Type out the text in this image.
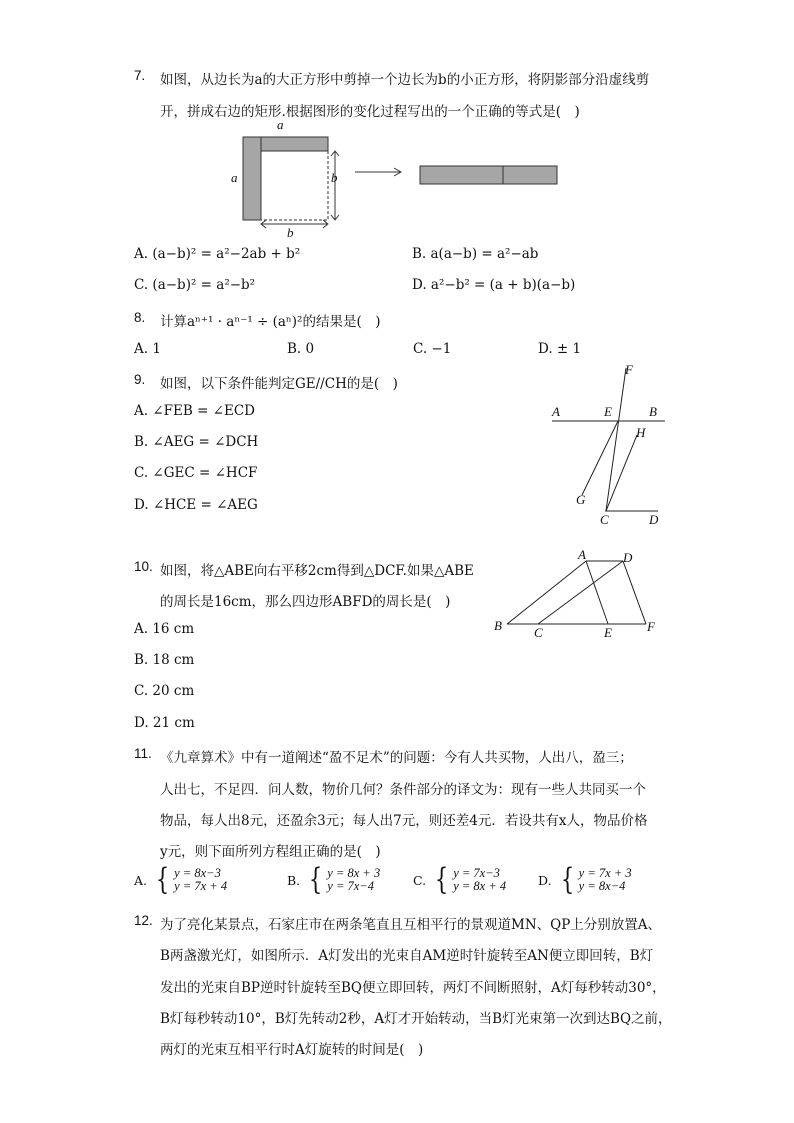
7. 如图，从边长为a的大正方形中剪掉一个边长为b的小正方形，将阴影部分沿虚线剪
开，拼成右边的矩形.根据图形的变化过程写出的一个正确的等式是(　)
a
a	b
b
A. (a−b)² = a²−2ab + b²	B. a(a−b) = a²−ab
C. (a−b)² = a²−b²	D. a²−b² = (a + b)(a−b)
8. 计算aⁿ⁺¹ · aⁿ⁻¹ ÷ (aⁿ)²的结果是(　)
A. 1	B. 0	C. −1	D. ± 1
9. 如图，以下条件能判定GE//CH的是(　)
A. ∠FEB = ∠ECD
B. ∠AEG = ∠DCH
C. ∠GEC = ∠HCF
D. ∠HCE = ∠AEG
F
A	E	B
H
G
C	D
10. 如图，将△ABE向右平移2cm得到△DCF.如果△ABE
的周长是16cm，那么四边形ABFD的周长是(　)
A. 16 cm
B. 18 cm
C. 20 cm
D. 21 cm
A	D
B C	E	F
11. 《九章算术》中有一道阐述“盈不足术”的问题：今有人共买物，人出八，盈三；
人出七，不足四．问人数，物价几何？条件部分的译文为：现有一些人共同买一个
物品，每人出8元，还盈余3元；每人出7元，则还差4元．若设共有x人，物品价格
y元，则下面所列方程组正确的是(　)
A. { y = 8x−3
y = 7x + 4	B. { y = 8x + 3
y = 7x−4	C. { y = 7x−3
y = 8x + 4	D. { y = 7x + 3
y = 8x−4
12. 为了亮化某景点，石家庄市在两条笔直且互相平行的景观道MN、QP上分别放置A、
B两盏激光灯，如图所示．A灯发出的光束自AM逆时针旋转至AN便立即回转，B灯
发出的光束自BP逆时针旋转至BQ便立即回转，两灯不间断照射，A灯每秒转动30°，
B灯每秒转动10°，B灯先转动2秒，A灯才开始转动，当B灯光束第一次到达BQ之前，
两灯的光束互相平行时A灯旋转的时间是(　)
